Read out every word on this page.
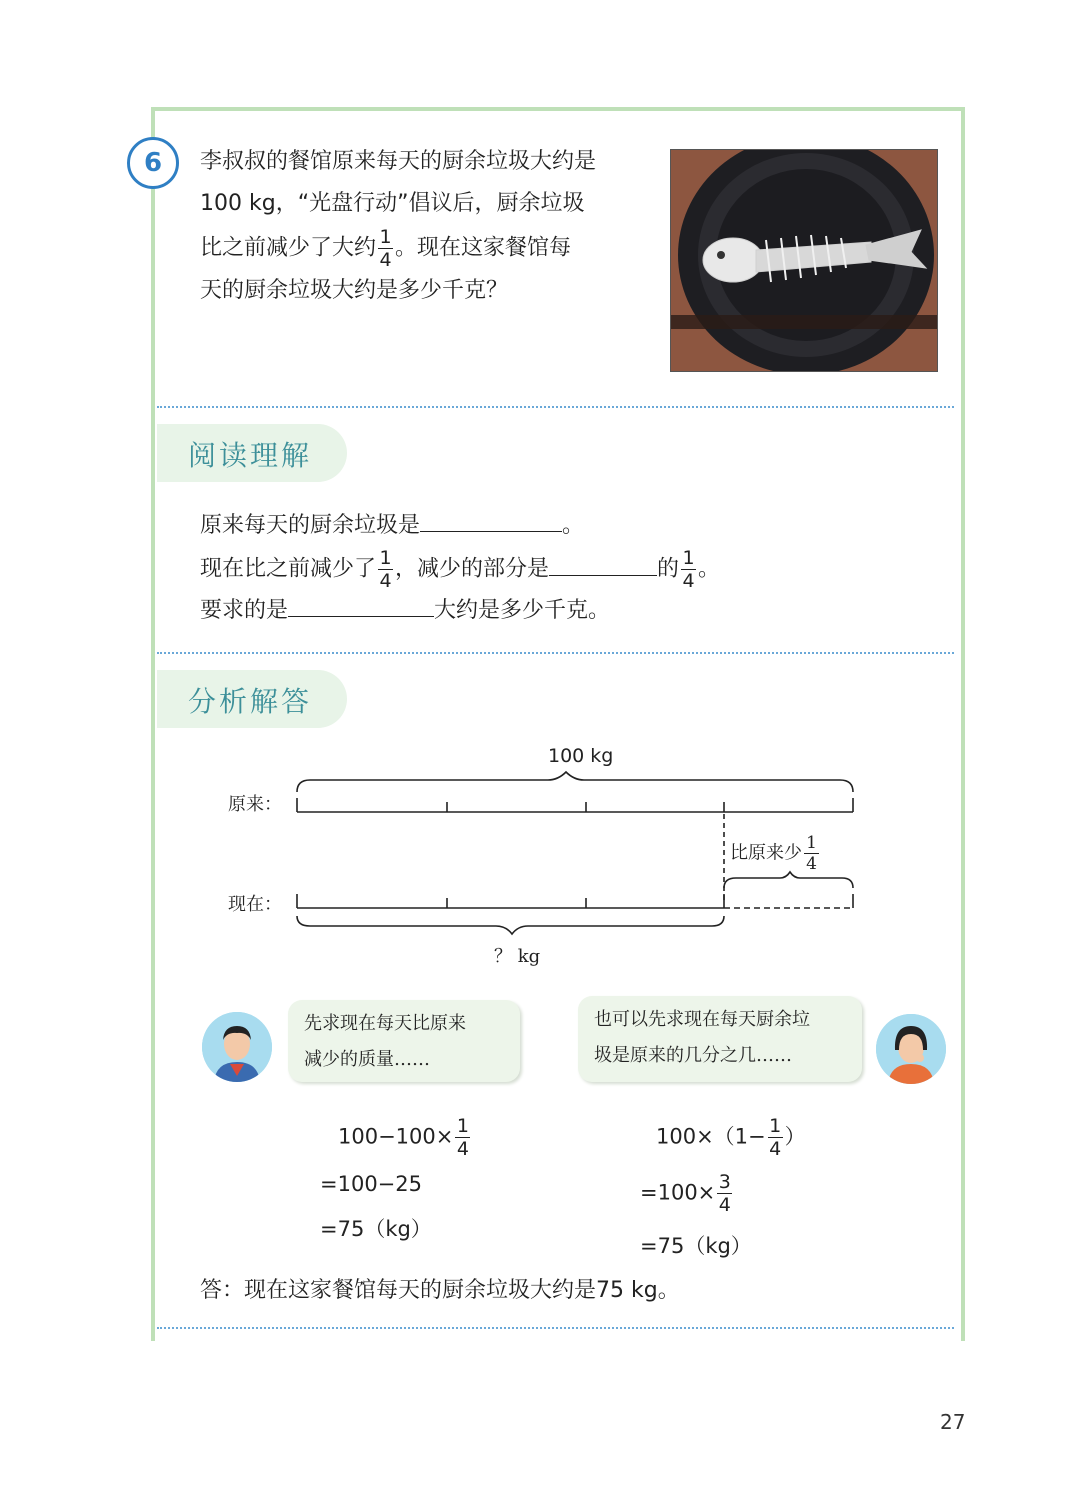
6 李叔叔的餐馆原来每天的厨余垃圾大约是
100 kg，“光盘行动”倡议后，厨余垃圾
比之前减少了大约 $\frac{1}{4}$ 。现在这家餐馆每
天的厨余垃圾大约是多少千克？
阅读理解
原来每天的厨余垃圾是	。
现在比之前减少了 $\frac{1}{4}$ ，减少的部分是	的 $\frac{1}{4}$ 。
要求的是	大约是多少千克。
分析解答
100 kg
原来：
现在：
比原来少 $\frac{1}{4}$
？ kg
先求现在每天比原来
减少的质量……
也可以先求现在每天厨余垃
圾是原来的几分之几……
$100-100\times \frac{1}{4}$
=100−25
=75（kg）
$100\times(1- \frac{1}{4}$ ）
$=100\times \frac{3}{4}$
=75（kg）
答：现在这家餐馆每天的厨余垃圾大约是75 kg。
27
